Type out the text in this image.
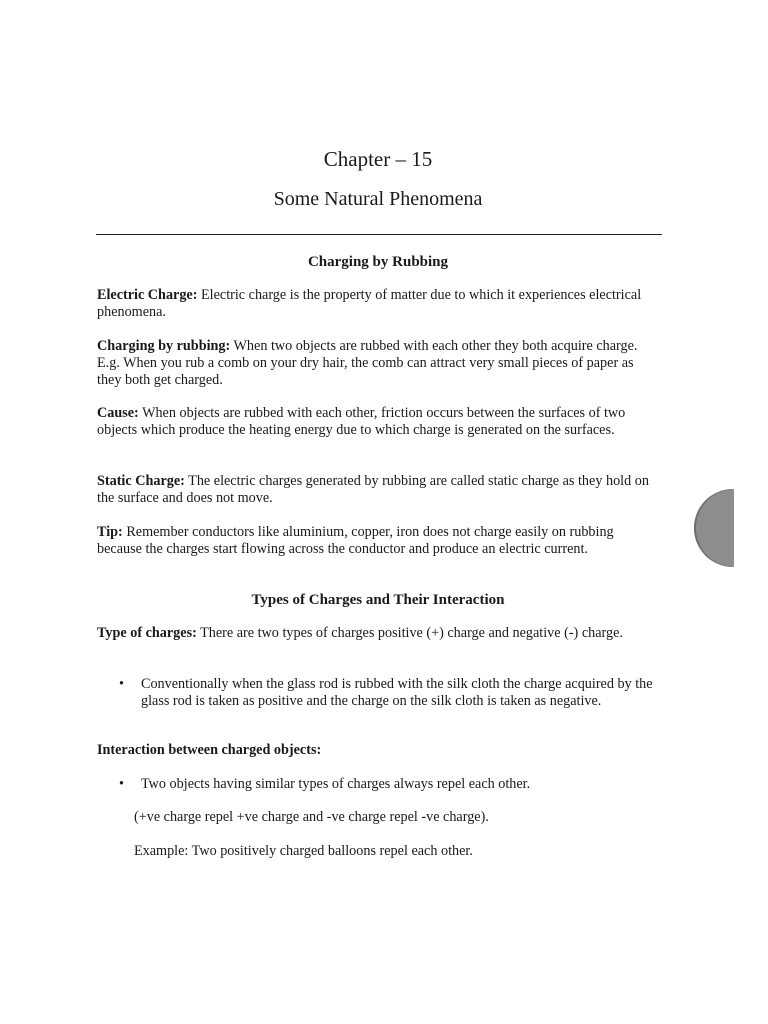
Chapter – 15
Some Natural Phenomena
Charging by Rubbing
Electric Charge: Electric charge is the property of matter due to which it experiences electrical phenomena.
Charging by rubbing: When two objects are rubbed with each other they both acquire charge. E.g. When you rub a comb on your dry hair, the comb can attract very small pieces of paper as they both get charged.
Cause: When objects are rubbed with each other, friction occurs between the surfaces of two objects which produce the heating energy due to which charge is generated on the surfaces.
Static Charge: The electric charges generated by rubbing are called static charge as they hold on the surface and does not move.
Tip: Remember conductors like aluminium, copper, iron does not charge easily on rubbing because the charges start flowing across the conductor and produce an electric current.
Types of Charges and Their Interaction
Type of charges: There are two types of charges positive (+) charge and negative (-) charge.
• Conventionally when the glass rod is rubbed with the silk cloth the charge acquired by the glass rod is taken as positive and the charge on the silk cloth is taken as negative.
Interaction between charged objects:
• Two objects having similar types of charges always repel each other.
(+ve charge repel +ve charge and -ve charge repel -ve charge).
Example: Two positively charged balloons repel each other.
